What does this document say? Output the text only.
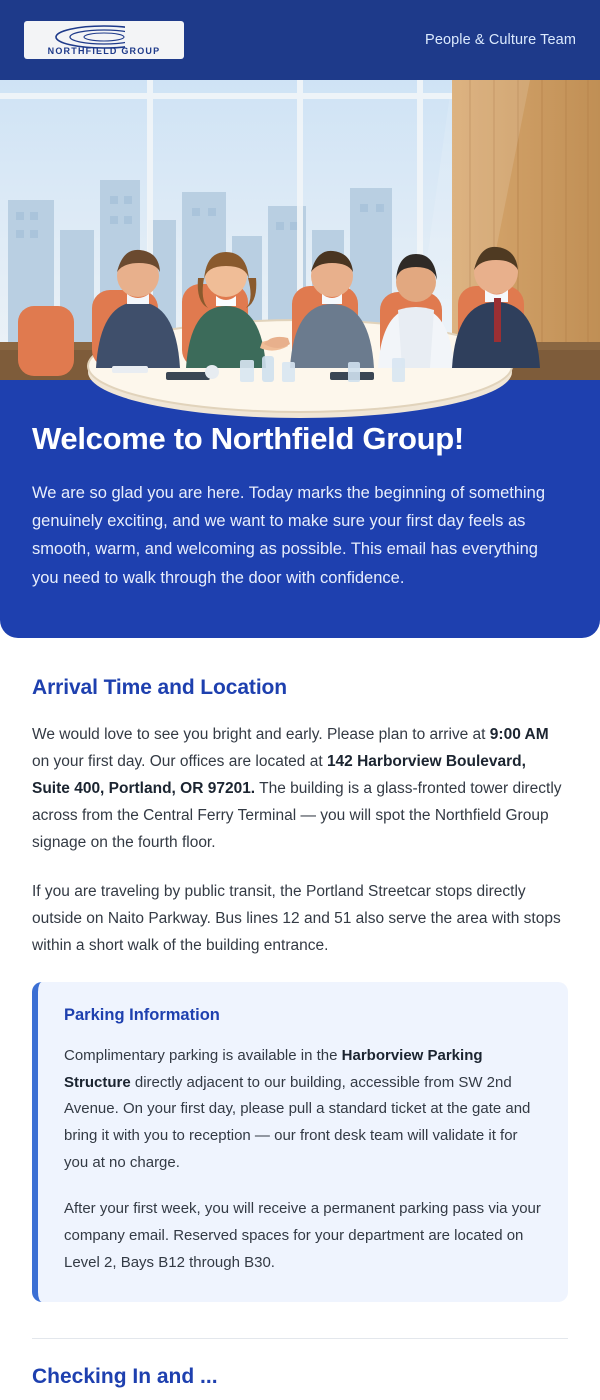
NORTHFIELD GROUP
People & Culture Team
Welcome to Northfield Group!

We are so glad you are here. Today marks the beginning of something genuinely exciting, and we want to make sure your first day feels as smooth, warm, and welcoming as possible. This email has everything you need to walk through the door with confidence.

Arrival Time and Location

We would love to see you bright and early. Please plan to arrive at 9:00 AM on your first day. Our offices are located at 142 Harborview Boulevard, Suite 400, Portland, OR 97201. The building is a glass-fronted tower directly across from the Central Ferry Terminal — you will spot the Northfield Group signage on the fourth floor.

If you are traveling by public transit, the Portland Streetcar stops directly outside on Naito Parkway. Bus lines 12 and 51 also serve the area with stops within a short walk of the building entrance.

Parking Information

Complimentary parking is available in the Harborview Parking Structure directly adjacent to our building, accessible from SW 2nd Avenue. On your first day, please pull a standard ticket at the gate and bring it with you to reception — our front desk team will validate it for you at no charge.

After your first week, you will receive a permanent parking pass via your company email. Reserved spaces for your department are located on Level 2, Bays B12 through B30.

Checking In and ...
